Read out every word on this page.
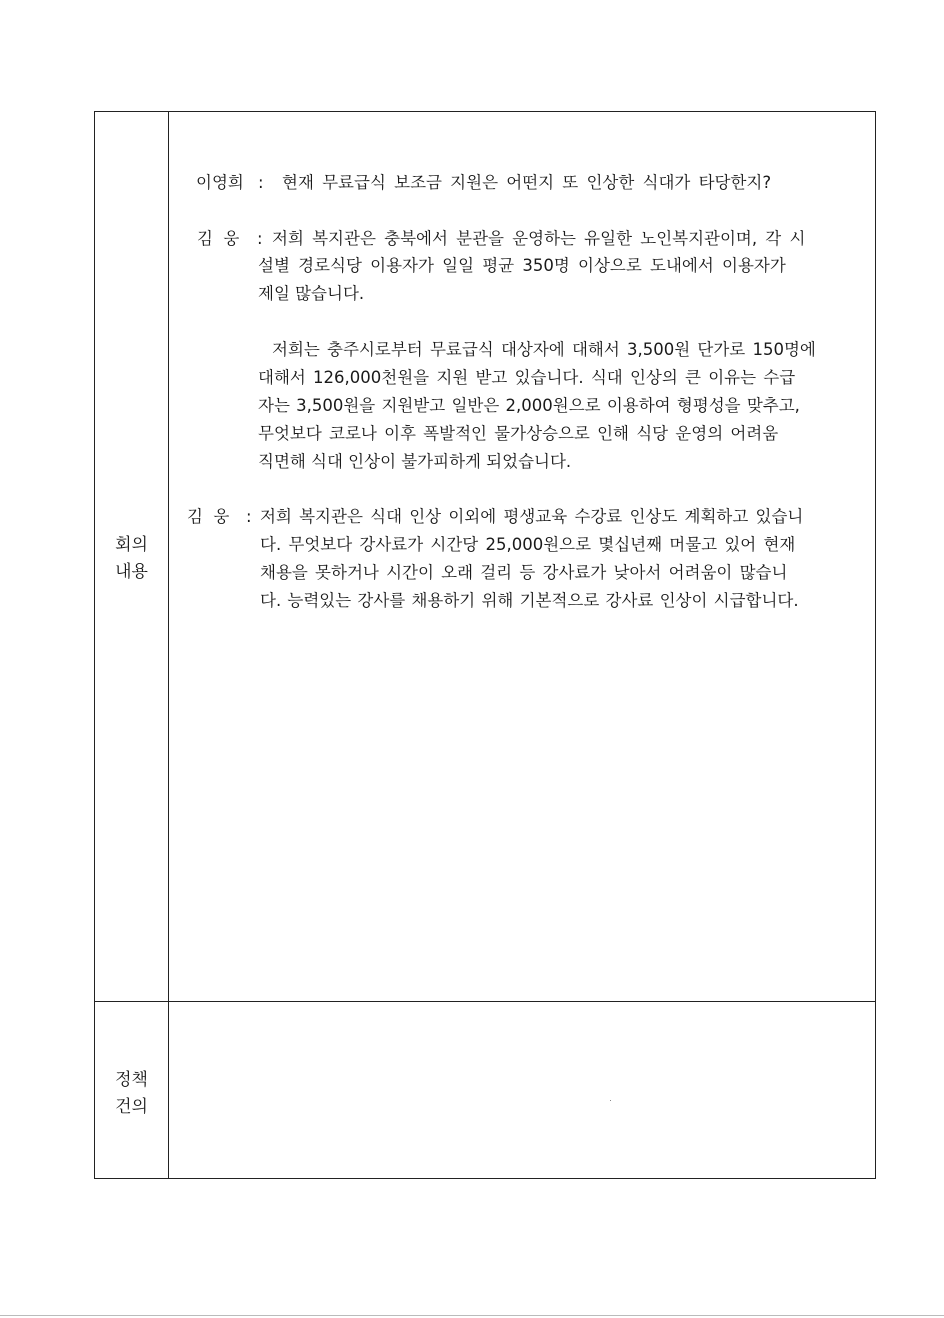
회의
내용
정책
건의
이영희 : 현재 무료급식 보조금 지원은 어떤지 또 인상한 식대가 타당한지?
김  웅 : 저희 복지관은 충북에서 분관을 운영하는 유일한 노인복지관이며, 각 시
설별 경로식당 이용자가 일일 평균 350명 이상으로 도내에서 이용자가
제일 많습니다.
저희는 충주시로부터 무료급식 대상자에 대해서 3,500원 단가로 150명에
대해서 126,000천원을 지원 받고 있습니다. 식대 인상의 큰 이유는 수급
자는 3,500원을 지원받고 일반은 2,000원으로 이용하여 형평성을 맞추고,
무엇보다 코로나 이후 폭발적인 물가상승으로 인해 식당 운영의 어려움
직면해 식대 인상이 불가피하게 되었습니다.
김  웅 : 저희 복지관은 식대 인상 이외에 평생교육 수강료 인상도 계획하고 있습니
다. 무엇보다 강사료가 시간당 25,000원으로 몇십년째 머물고 있어 현재
채용을 못하거나 시간이 오래 걸리 등 강사료가 낮아서 어려움이 많습니
다. 능력있는 강사를 채용하기 위해 기본적으로 강사료 인상이 시급합니다.
